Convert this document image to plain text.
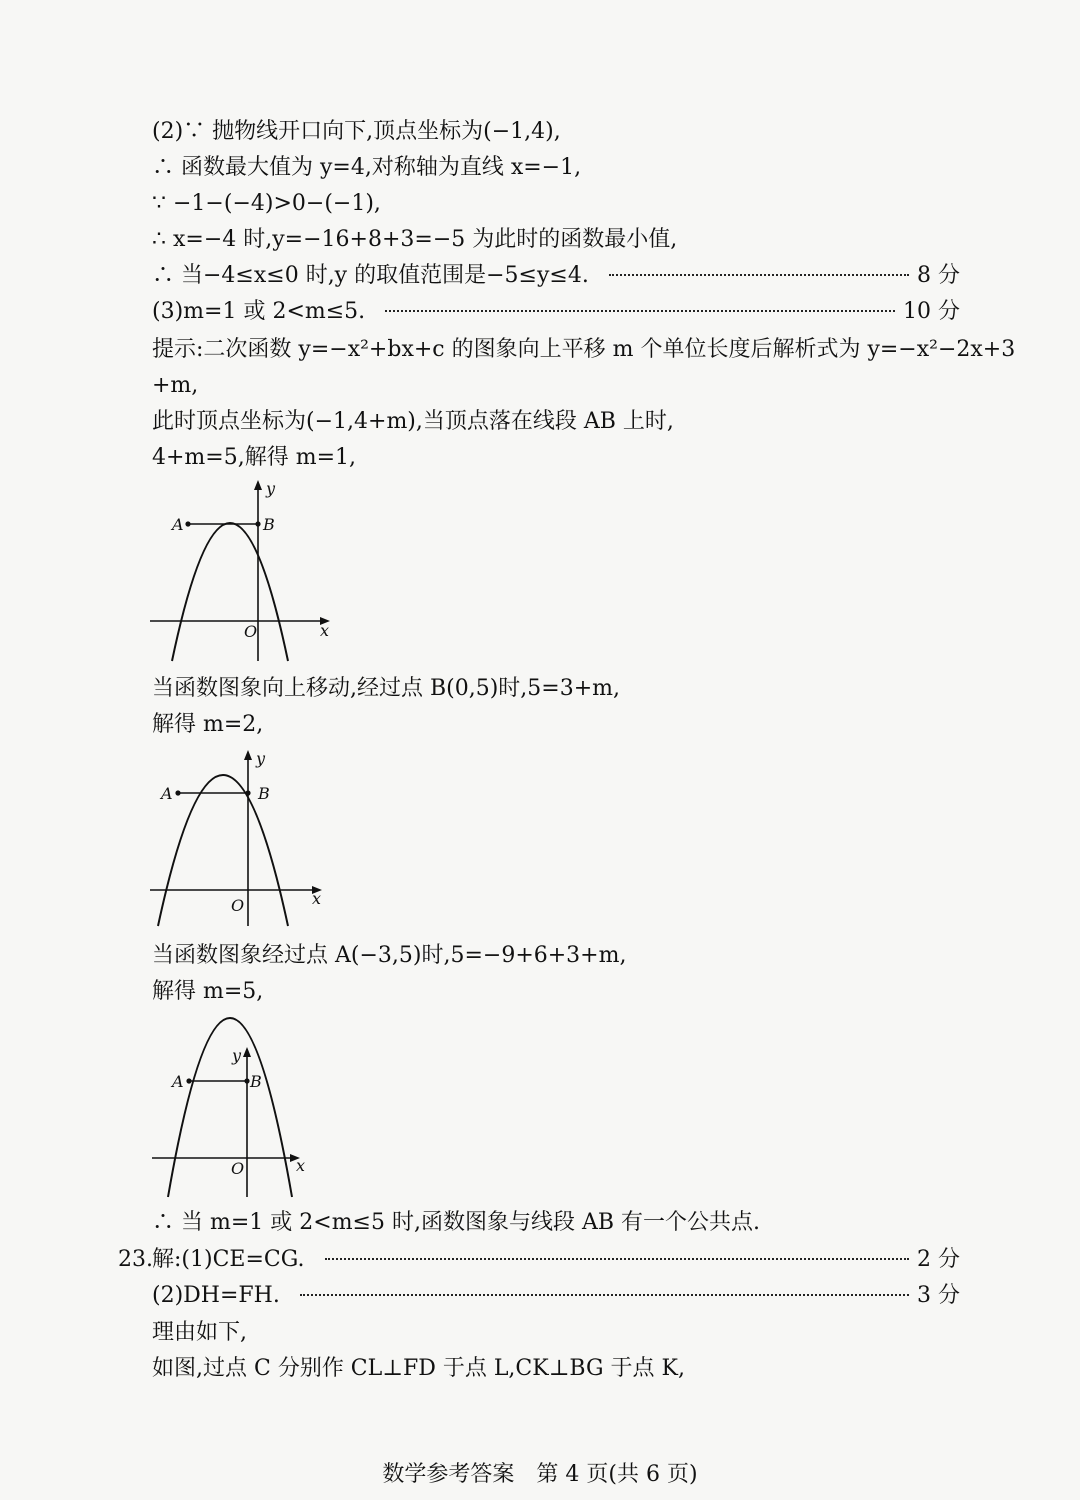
(2)∵ 抛物线开口向下,顶点坐标为(−1,4),
∴ 函数最大值为 y=4,对称轴为直线 x=−1,
∵ −1−(−4)>0−(−1),
∴ x=−4 时,y=−16+8+3=−5 为此时的函数最小值,
∴ 当−4≤x≤0 时,y 的取值范围是−5≤y≤4.	8 分
(3)m=1 或 2<m≤5.	10 分
提示:二次函数 y=−x²+bx+c 的图象向上平移 m 个单位长度后解析式为 y=−x²−2x+3
+m,
此时顶点坐标为(−1,4+m),当顶点落在线段 AB 上时,
4+m=5,解得 m=1,
A	B
O	x
y
当函数图象向上移动,经过点 B(0,5)时,5=3+m,
解得 m=2,
A	B
O	x
y
当函数图象经过点 A(−3,5)时,5=−9+6+3+m,
解得 m=5,
A	B
O	x
y
∴ 当 m=1 或 2<m≤5 时,函数图象与线段 AB 有一个公共点.
23. 解:(1)CE=CG.	2 分
(2)DH=FH.	3 分
理由如下,
如图,过点 C 分别作 CL⊥FD 于点 L,CK⊥BG 于点 K,
数学参考答案　第 4 页(共 6 页)
